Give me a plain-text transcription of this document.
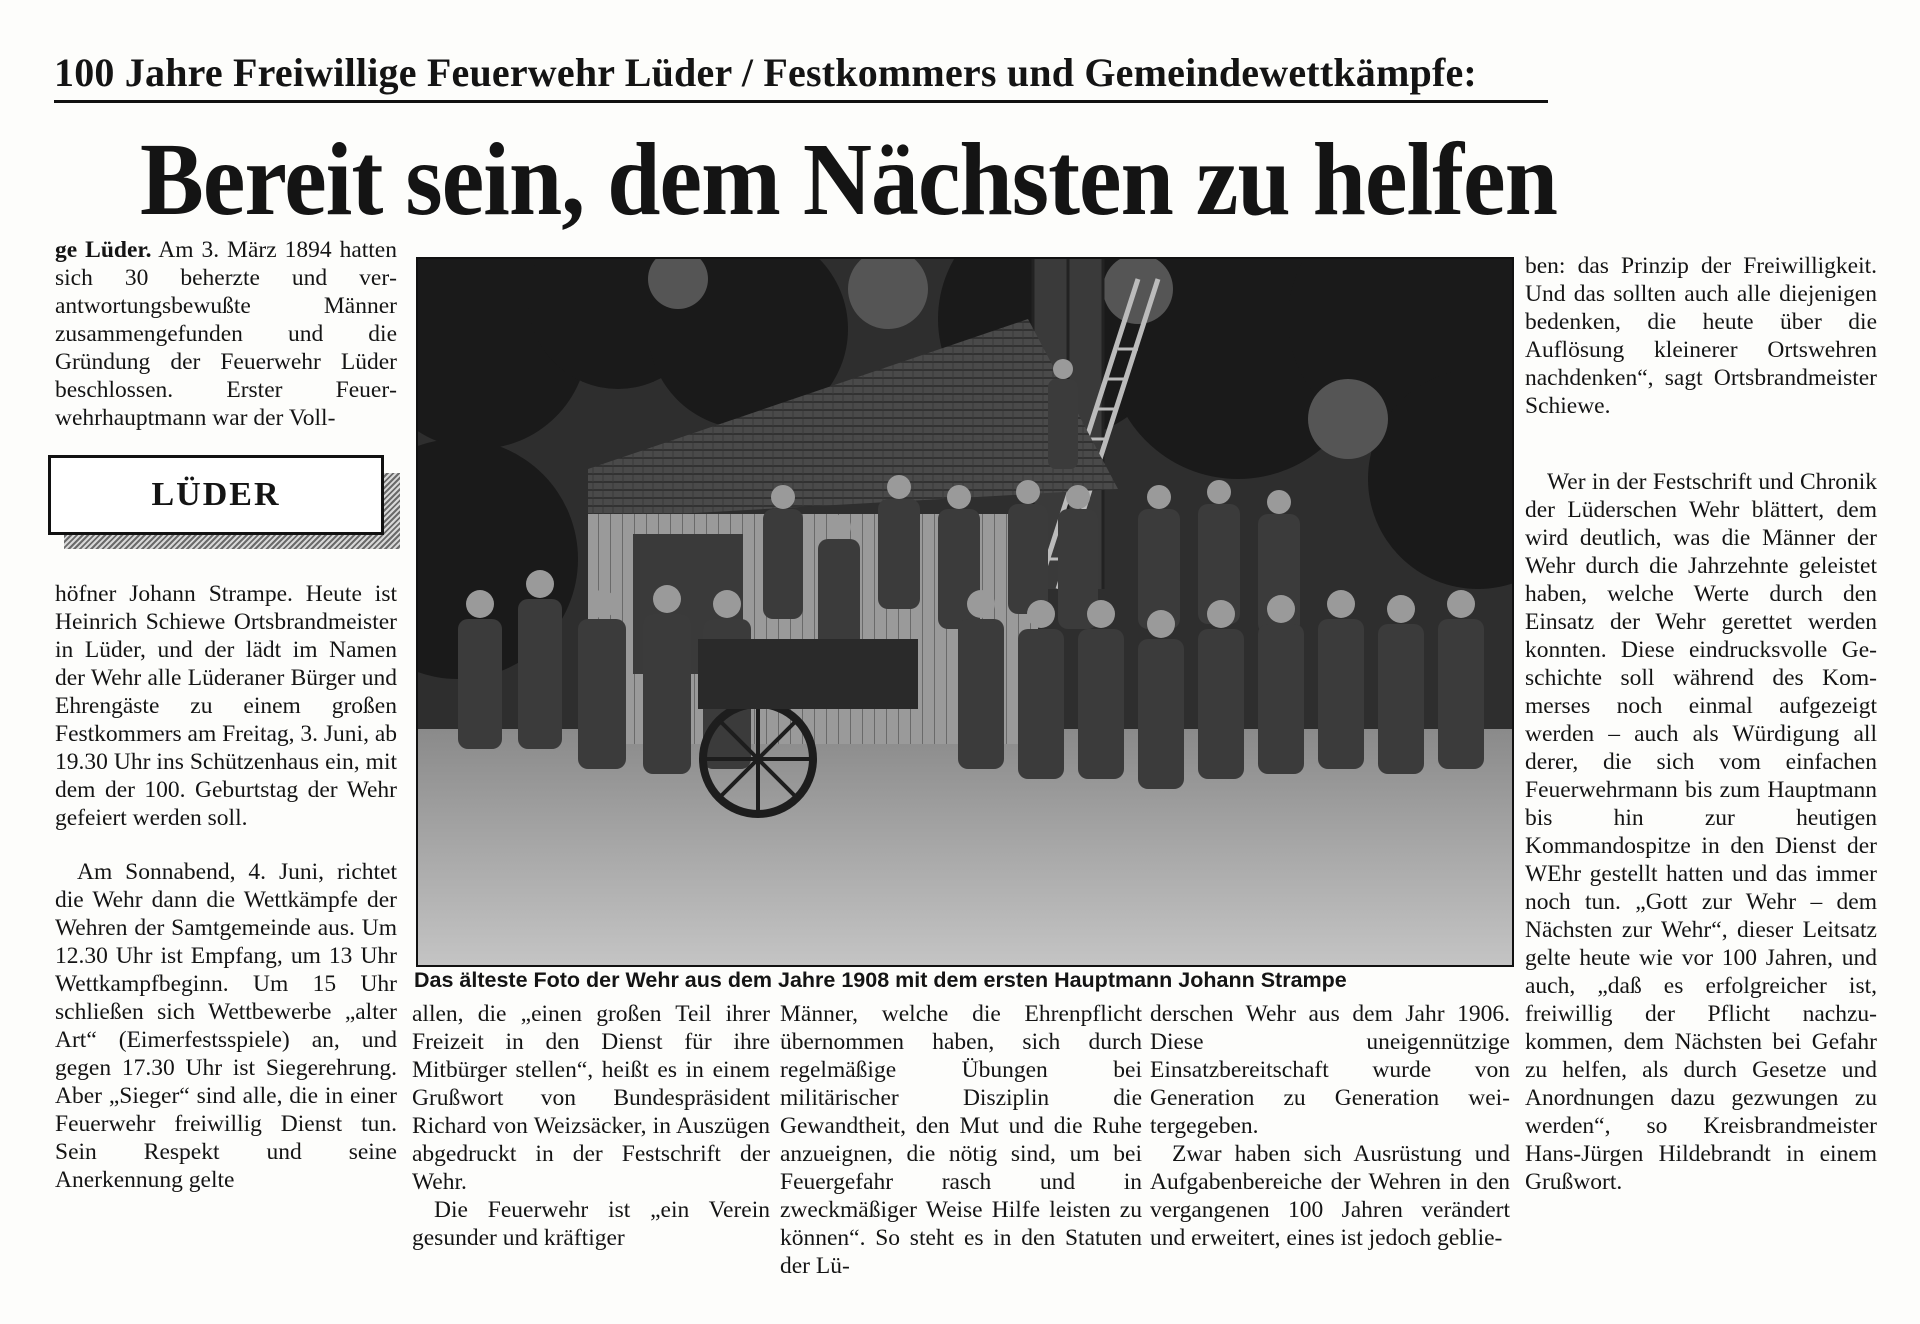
100 Jahre Freiwillige Feuerwehr Lüder / Festkommers und Gemeindewettkämpfe:
Bereit sein, dem Nächsten zu helfen

ge Lüder. Am 3. März 1894 hatten sich 30 beherzte und verantwortungsbewußte Männer zusammengefunden und die Gründung der Feuerwehr Lüder beschlossen. Erster Feuerwehrhauptmann war der Voll-

LÜDER

höfner Johann Strampe. Heute ist Heinrich Schiewe Ortsbrandmeister in Lüder, und der lädt im Namen der Wehr alle Lüderaner Bürger und Ehrengäste zu einem großen Festkommers am Freitag, 3. Juni, ab 19.30 Uhr ins Schützenhaus ein, mit dem der 100. Geburtstag der Wehr gefeiert werden soll.

Am Sonnabend, 4. Juni, richtet die Wehr dann die Wettkämpfe der Wehren der Samtgemeinde aus. Um 12.30 Uhr ist Empfang, um 13 Uhr Wettkampfbeginn. Um 15 Uhr schließen sich Wettbewerbe „alter Art“ (Eimerfestsspiele) an, und gegen 17.30 Uhr ist Siegerehrung. Aber „Sieger“ sind alle, die in einer Feuerwehr freiwillig Dienst tun. Sein Respekt und seine Anerkennung gelte

Das älteste Foto der Wehr aus dem Jahre 1908 mit dem ersten Hauptmann Johann Strampe

allen, die „einen großen Teil ihrer Freizeit in den Dienst für ihre Mitbürger stellen“, heißt es in einem Grußwort von Bundespräsident Richard von Weizsäcker, in Auszügen abgedruckt in der Festschrift der Wehr.

Die Feuerwehr ist „ein Verein gesunder und kräftiger

Männer, welche die Ehrenpflicht übernommen haben, sich durch regelmäßige Übungen bei militärischer Disziplin die Gewandtheit, den Mut und die Ruhe anzueignen, die nötig sind, um bei Feuergefahr rasch und in zweckmäßiger Weise Hilfe leisten zu können“. So steht es in den Statuten der Lü-

derschen Wehr aus dem Jahr 1906. Diese uneigennützige Einsatzbereitschaft wurde von Generation zu Generation weitergegeben.

Zwar haben sich Ausrüstung und Aufgabenbereiche der Wehren in den vergangenen 100 Jahren verändert und erweitert, eines ist jedoch geblie-

ben: das Prinzip der Freiwilligkeit. Und das sollten auch alle diejenigen bedenken, die heute über die Auflösung kleinerer Ortswehren nachdenken“, sagt Ortsbrandmeister Schiewe.

Wer in der Festschrift und Chronik der Lüderschen Wehr blättert, dem wird deutlich, was die Männer der Wehr durch die Jahrzehnte geleistet haben, welche Werte durch den Einsatz der Wehr gerettet werden konnten. Diese eindrucksvolle Geschichte soll während des Kommerses noch einmal aufgezeigt werden – auch als Würdigung all derer, die sich vom einfachen Feuerwehrmann bis zum Hauptmann bis hin zur heutigen Kommandospitze in den Dienst der WEhr gestellt hatten und das immer noch tun. „Gott zur Wehr – dem Nächsten zur Wehr“, dieser Leitsatz gelte heute wie vor 100 Jahren, und auch, „daß es erfolgreicher ist, freiwillig der Pflicht nachzukommen, dem Nächsten bei Gefahr zu helfen, als durch Gesetze und Anordnungen dazu gezwungen zu werden“, so Kreisbrandmeister Hans-Jürgen Hildebrandt in einem Grußwort.
